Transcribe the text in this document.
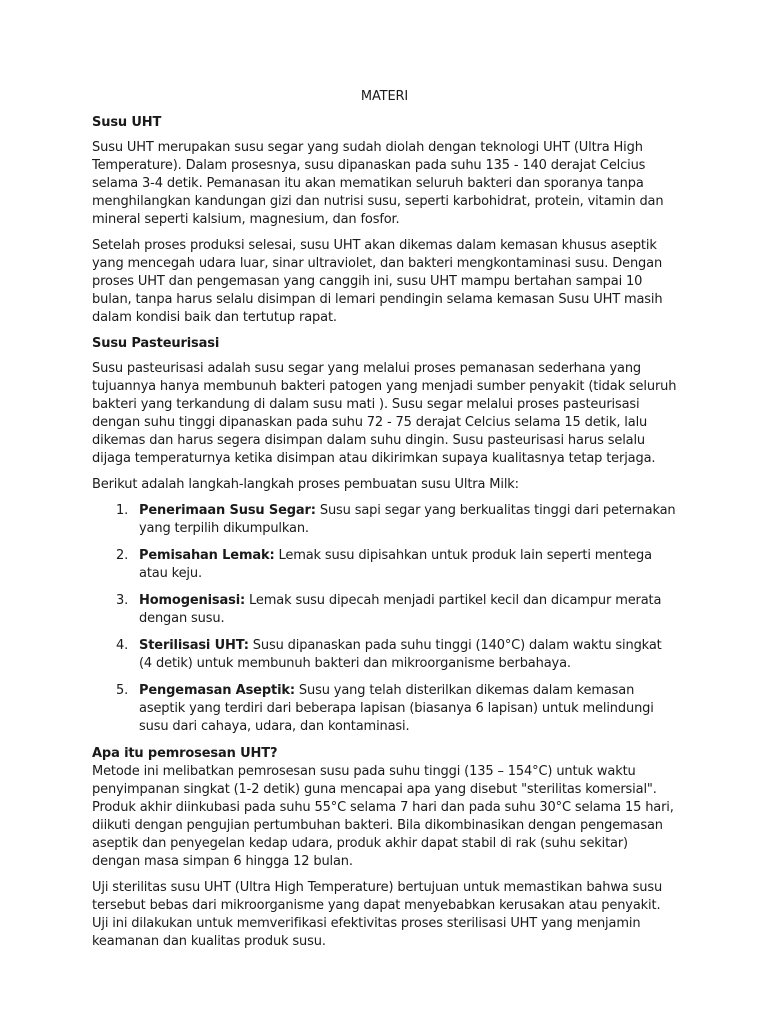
MATERI
Susu UHT

Susu UHT merupakan susu segar yang sudah diolah dengan teknologi UHT (Ultra High Temperature). Dalam prosesnya, susu dipanaskan pada suhu 135 - 140 derajat Celcius selama 3-4 detik. Pemanasan itu akan mematikan seluruh bakteri dan sporanya tanpa menghilangkan kandungan gizi dan nutrisi susu, seperti karbohidrat, protein, vitamin dan mineral seperti kalsium, magnesium, dan fosfor.

Setelah proses produksi selesai, susu UHT akan dikemas dalam kemasan khusus aseptik yang mencegah udara luar, sinar ultraviolet, dan bakteri mengkontaminasi susu. Dengan proses UHT dan pengemasan yang canggih ini, susu UHT mampu bertahan sampai 10 bulan, tanpa harus selalu disimpan di lemari pendingin selama kemasan Susu UHT masih dalam kondisi baik dan tertutup rapat.

Susu Pasteurisasi

Susu pasteurisasi adalah susu segar yang melalui proses pemanasan sederhana yang tujuannya hanya membunuh bakteri patogen yang menjadi sumber penyakit (tidak seluruh bakteri yang terkandung di dalam susu mati ). Susu segar melalui proses pasteurisasi dengan suhu tinggi dipanaskan pada suhu 72 - 75 derajat Celcius selama 15 detik, lalu dikemas dan harus segera disimpan dalam suhu dingin. Susu pasteurisasi harus selalu dijaga temperaturnya ketika disimpan atau dikirimkan supaya kualitasnya tetap terjaga.

Berikut adalah langkah-langkah proses pembuatan susu Ultra Milk:

1. Penerimaan Susu Segar: Susu sapi segar yang berkualitas tinggi dari peternakan yang terpilih dikumpulkan.
2. Pemisahan Lemak: Lemak susu dipisahkan untuk produk lain seperti mentega atau keju.
3. Homogenisasi: Lemak susu dipecah menjadi partikel kecil dan dicampur merata dengan susu.
4. Sterilisasi UHT: Susu dipanaskan pada suhu tinggi (140°C) dalam waktu singkat (4 detik) untuk membunuh bakteri dan mikroorganisme berbahaya.
5. Pengemasan Aseptik: Susu yang telah disterilkan dikemas dalam kemasan aseptik yang terdiri dari beberapa lapisan (biasanya 6 lapisan) untuk melindungi susu dari cahaya, udara, dan kontaminasi.
Apa itu pemrosesan UHT?

Metode ini melibatkan pemrosesan susu pada suhu tinggi (135 – 154°C) untuk waktu penyimpanan singkat (1-2 detik) guna mencapai apa yang disebut "sterilitas komersial". Produk akhir diinkubasi pada suhu 55°C selama 7 hari dan pada suhu 30°C selama 15 hari, diikuti dengan pengujian pertumbuhan bakteri. Bila dikombinasikan dengan pengemasan aseptik dan penyegelan kedap udara, produk akhir dapat stabil di rak (suhu sekitar) dengan masa simpan 6 hingga 12 bulan.

Uji sterilitas susu UHT (Ultra High Temperature) bertujuan untuk memastikan bahwa susu tersebut bebas dari mikroorganisme yang dapat menyebabkan kerusakan atau penyakit. Uji ini dilakukan untuk memverifikasi efektivitas proses sterilisasi UHT yang menjamin keamanan dan kualitas produk susu.
